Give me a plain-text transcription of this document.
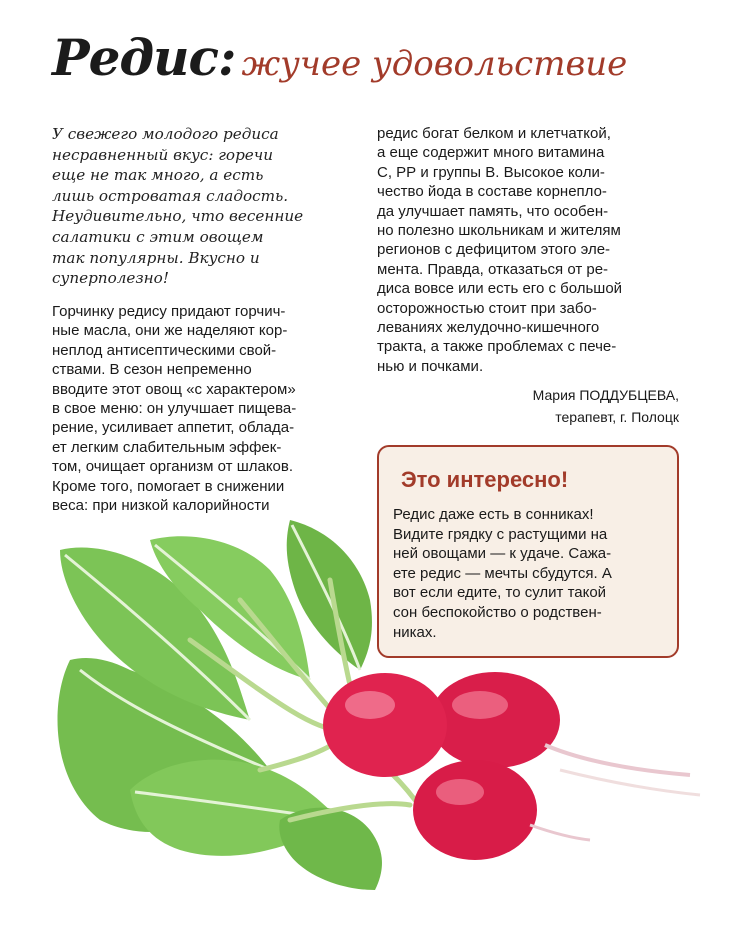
Редис: жучее удовольствие

У свежего молодого редиса

несравненный вкус: горечи

еще не так много, а есть

лишь островатая сладость.

Неудивительно, что весенние

салатики с этим овощем

так популярны. Вкусно и

суперполезно!

Горчинку редису придают горчич-

ные масла, они же наделяют кор-

неплод антисептическими свой-

ствами. В сезон непременно

вводите этот овощ «с характером»

в свое меню: он улучшает пищева-

рение, усиливает аппетит, облада-

ет легким слабительным эффек-

том, очищает организм от шлаков.

Кроме того, помогает в снижении

веса: при низкой калорийности

редис богат белком и клетчаткой,

а еще содержит много витамина

С, РР и группы В. Высокое коли-

чество йода в составе корнепло-

да улучшает память, что особен-

но полезно школьникам и жителям

регионов с дефицитом этого эле-

мента. Правда, отказаться от ре-

диса вовсе или есть его с большой

осторожностью стоит при забо-

леваниях желудочно-кишечного

тракта, а также проблемах с пече-

нью и почками.

Мария ПОДДУБЦЕВА,

терапевт, г. Полоцк

Это интересно!

Редис даже есть в сонниках!

Видите грядку с растущими на

ней овощами — к удаче. Сажа-

ете редис — мечты сбудутся. А

вот если едите, то сулит такой

сон беспокойство о родствен-

никах.
